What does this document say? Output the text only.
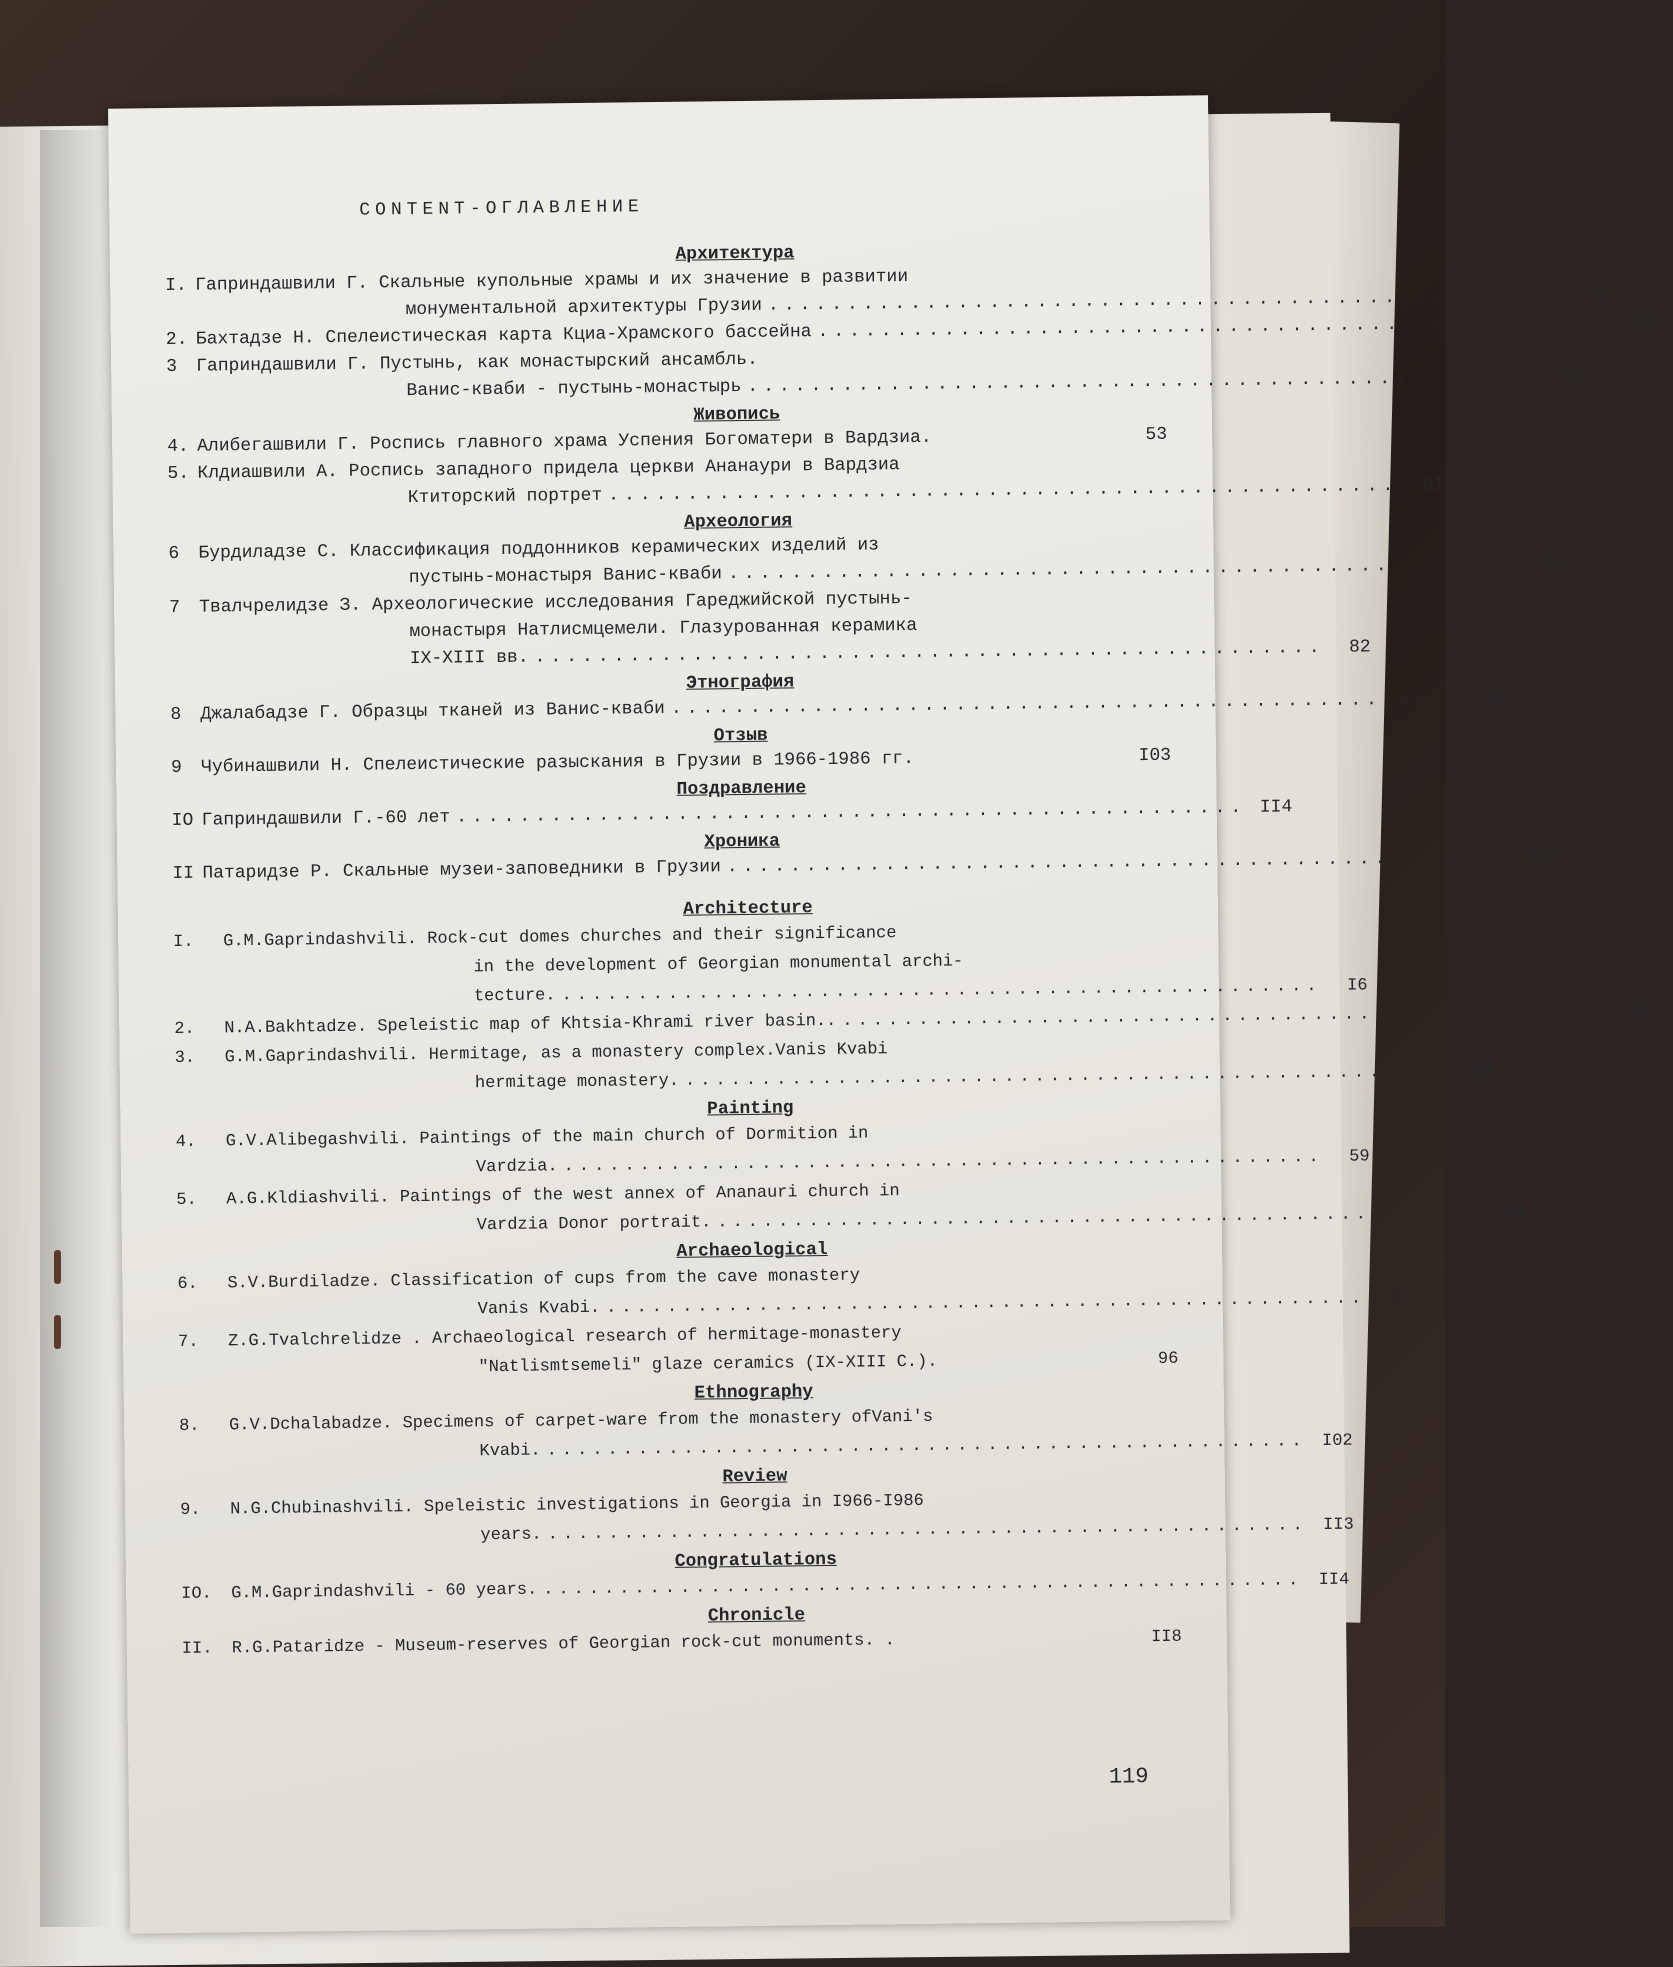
CONTENT-ОГЛАВЛЕНИЕ
Архитектура
I. Гаприндашвили Г. Скальные купольные храмы и их значение в развитии
монументальной архитектуры Грузии ..................................................	5
2. Бахтадзе Н. Спелеистическая карта Кциа-Храмского бассейна ..................................................	I8
3	Гаприндашвили Г. Пустынь, как монастырский ансамбль.
Ванис-кваби - пустынь-монастырь ..................................................	36
Живопись
4. Алибегашвили Г. Роспись главного храма Успения Богоматери в Вардзиа.	53
5. Клдиашвили А. Роспись западного придела церкви Ананаури в Вардзиа
Ктиторский портрет ..................................................	6I
Археология
6	Бурдиладзе С. Классификация поддонников керамических изделий из
пустынь-монастыря Ванис-кваби ..................................................	7I
7	Твалчрелидзе З. Археологические исследования Гареджийской пустынь-
монастыря Натлисмцемели. Глазурованная керамика
IX-XIII вв. ..................................................	82
Этнография
8	Джалабадзе Г. Образцы тканей из Ванис-кваби ..................................................	99
Отзыв
9	Чубинашвили Н. Спелеистические разыскания в Грузии в 1966-1986 гг.	I03
Поздравление
IO Гаприндашвили Г.-60 лет .................................................. II4
Хроника
II Патаридзе Р. Скальные музеи-заповедники в Грузии .................................................. II5
Architecture
I.	G.M.Gaprindashvili. Rock-cut domes churches and their significance
in the development of Georgian monumental archi-
tecture. ..................................................	I6
2.	N.A.Bakhtadze. Speleistic map of Khtsia-Khrami river basin.. ..................................................	34
3.	G.M.Gaprindashvili. Hermitage, as a monastery complex.Vanis Kvabi
hermitage monastery. ..................................................	50
Painting
4.	G.V.Alibegashvili. Paintings of the main church of Dormition in
Vardzia. ..................................................	59
5.	A.G.Kldiashvili. Paintings of the west annex of Ananauri church in
Vardzia Donor portrait. ..................................................	69
Archaeological
6.	S.V.Burdiladze. Classification of cups from the cave monastery
Vanis Kvabi. ..................................................	8I
7.	Z.G.Tvalchrelidze . Archaeological research of hermitage-monastery
"Natlismtsemeli" glaze ceramics (IX-XIII C.).	96
Ethnography
8.	G.V.Dchalabadze. Specimens of carpet-ware from the monastery ofVani's
Kvabi. .................................................. I02
Review
9.	N.G.Chubinashvili. Speleistic investigations in Georgia in I966-I986
years. .................................................. II3
Congratulations
IO.	G.M.Gaprindashvili - 60 years. .................................................. II4
Chronicle
II.	R.G.Pataridze - Museum-reserves of Georgian rock-cut monuments. .	II8
119
